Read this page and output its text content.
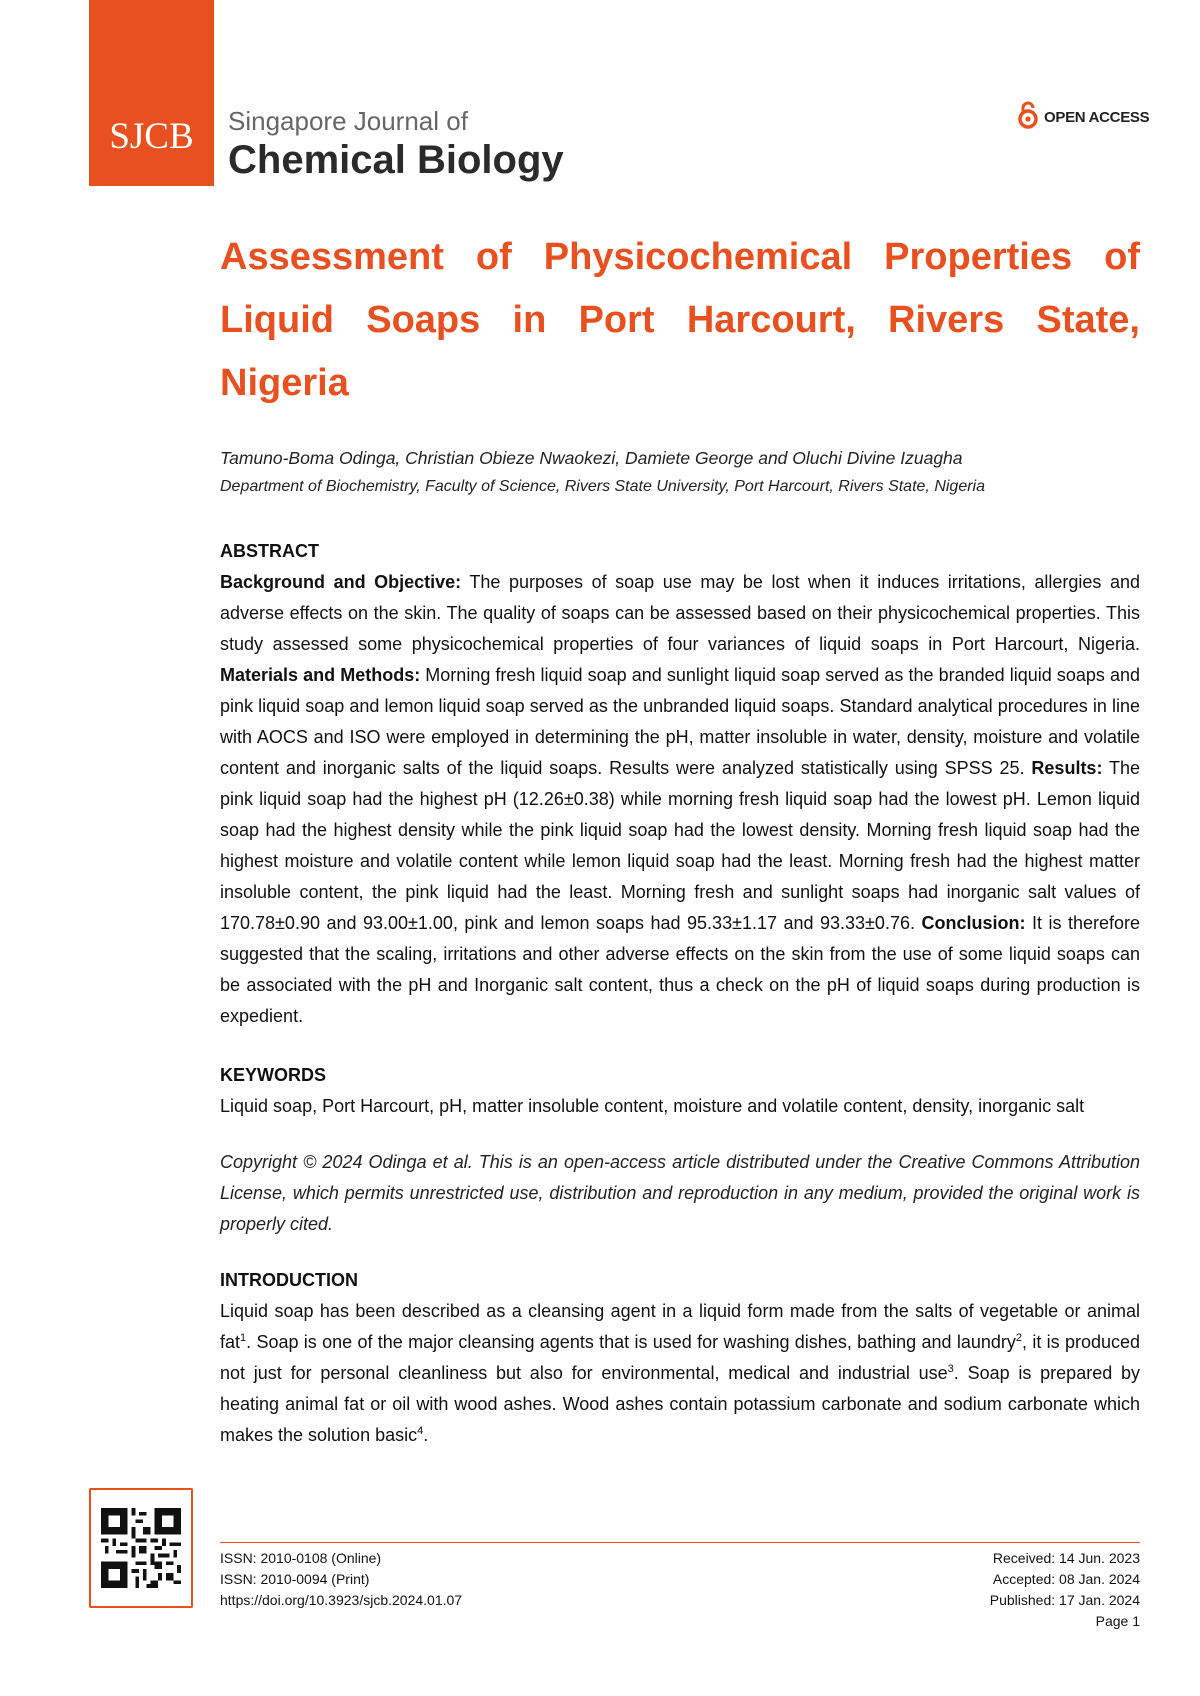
SJCB	Singapore Journal of
Chemical Biology
OPEN ACCESS
Assessment of Physicochemical Properties of Liquid Soaps in Port Harcourt, Rivers State, Nigeria
Tamuno-Boma Odinga, Christian Obieze Nwaokezi, Damiete George and Oluchi Divine Izuagha
Department of Biochemistry, Faculty of Science, Rivers State University, Port Harcourt, Rivers State, Nigeria

ABSTRACT

Background and Objective: The purposes of soap use may be lost when it induces irritations, allergies and adverse effects on the skin. The quality of soaps can be assessed based on their physicochemical properties. This study assessed some physicochemical properties of four variances of liquid soaps in Port Harcourt, Nigeria. Materials and Methods: Morning fresh liquid soap and sunlight liquid soap served as the branded liquid soaps and pink liquid soap and lemon liquid soap served as the unbranded liquid soaps. Standard analytical procedures in line with AOCS and ISO were employed in determining the pH, matter insoluble in water, density, moisture and volatile content and inorganic salts of the liquid soaps. Results were analyzed statistically using SPSS 25. Results: The pink liquid soap had the highest pH (12.26±0.38) while morning fresh liquid soap had the lowest pH. Lemon liquid soap had the highest density while the pink liquid soap had the lowest density. Morning fresh liquid soap had the highest moisture and volatile content while lemon liquid soap had the least. Morning fresh had the highest matter insoluble content, the pink liquid had the least. Morning fresh and sunlight soaps had inorganic salt values of 170.78±0.90 and 93.00±1.00, pink and lemon soaps had 95.33±1.17 and 93.33±0.76. Conclusion: It is therefore suggested that the scaling, irritations and other adverse effects on the skin from the use of some liquid soaps can be associated with the pH and Inorganic salt content, thus a check on the pH of liquid soaps during production is expedient.

KEYWORDS

Liquid soap, Port Harcourt, pH, matter insoluble content, moisture and volatile content, density, inorganic salt

Copyright © 2024 Odinga et al. This is an open-access article distributed under the Creative Commons Attribution License, which permits unrestricted use, distribution and reproduction in any medium, provided the original work is properly cited.

INTRODUCTION

Liquid soap has been described as a cleansing agent in a liquid form made from the salts of vegetable or animal fat$^1$. Soap is one of the major cleansing agents that is used for washing dishes, bathing and laundry$^2$, it is produced not just for personal cleanliness but also for environmental, medical and industrial use$^3$. Soap is prepared by heating animal fat or oil with wood ashes. Wood ashes contain potassium carbonate and sodium carbonate which makes the solution basic$^4$.

ISSN: 2010-0108 (Online)
ISSN: 2010-0094 (Print)
https://doi.org/10.3923/sjcb.2024.01.07
Received: 14 Jun. 2023
Accepted: 08 Jan. 2024
Published: 17 Jan. 2024
Page 1
